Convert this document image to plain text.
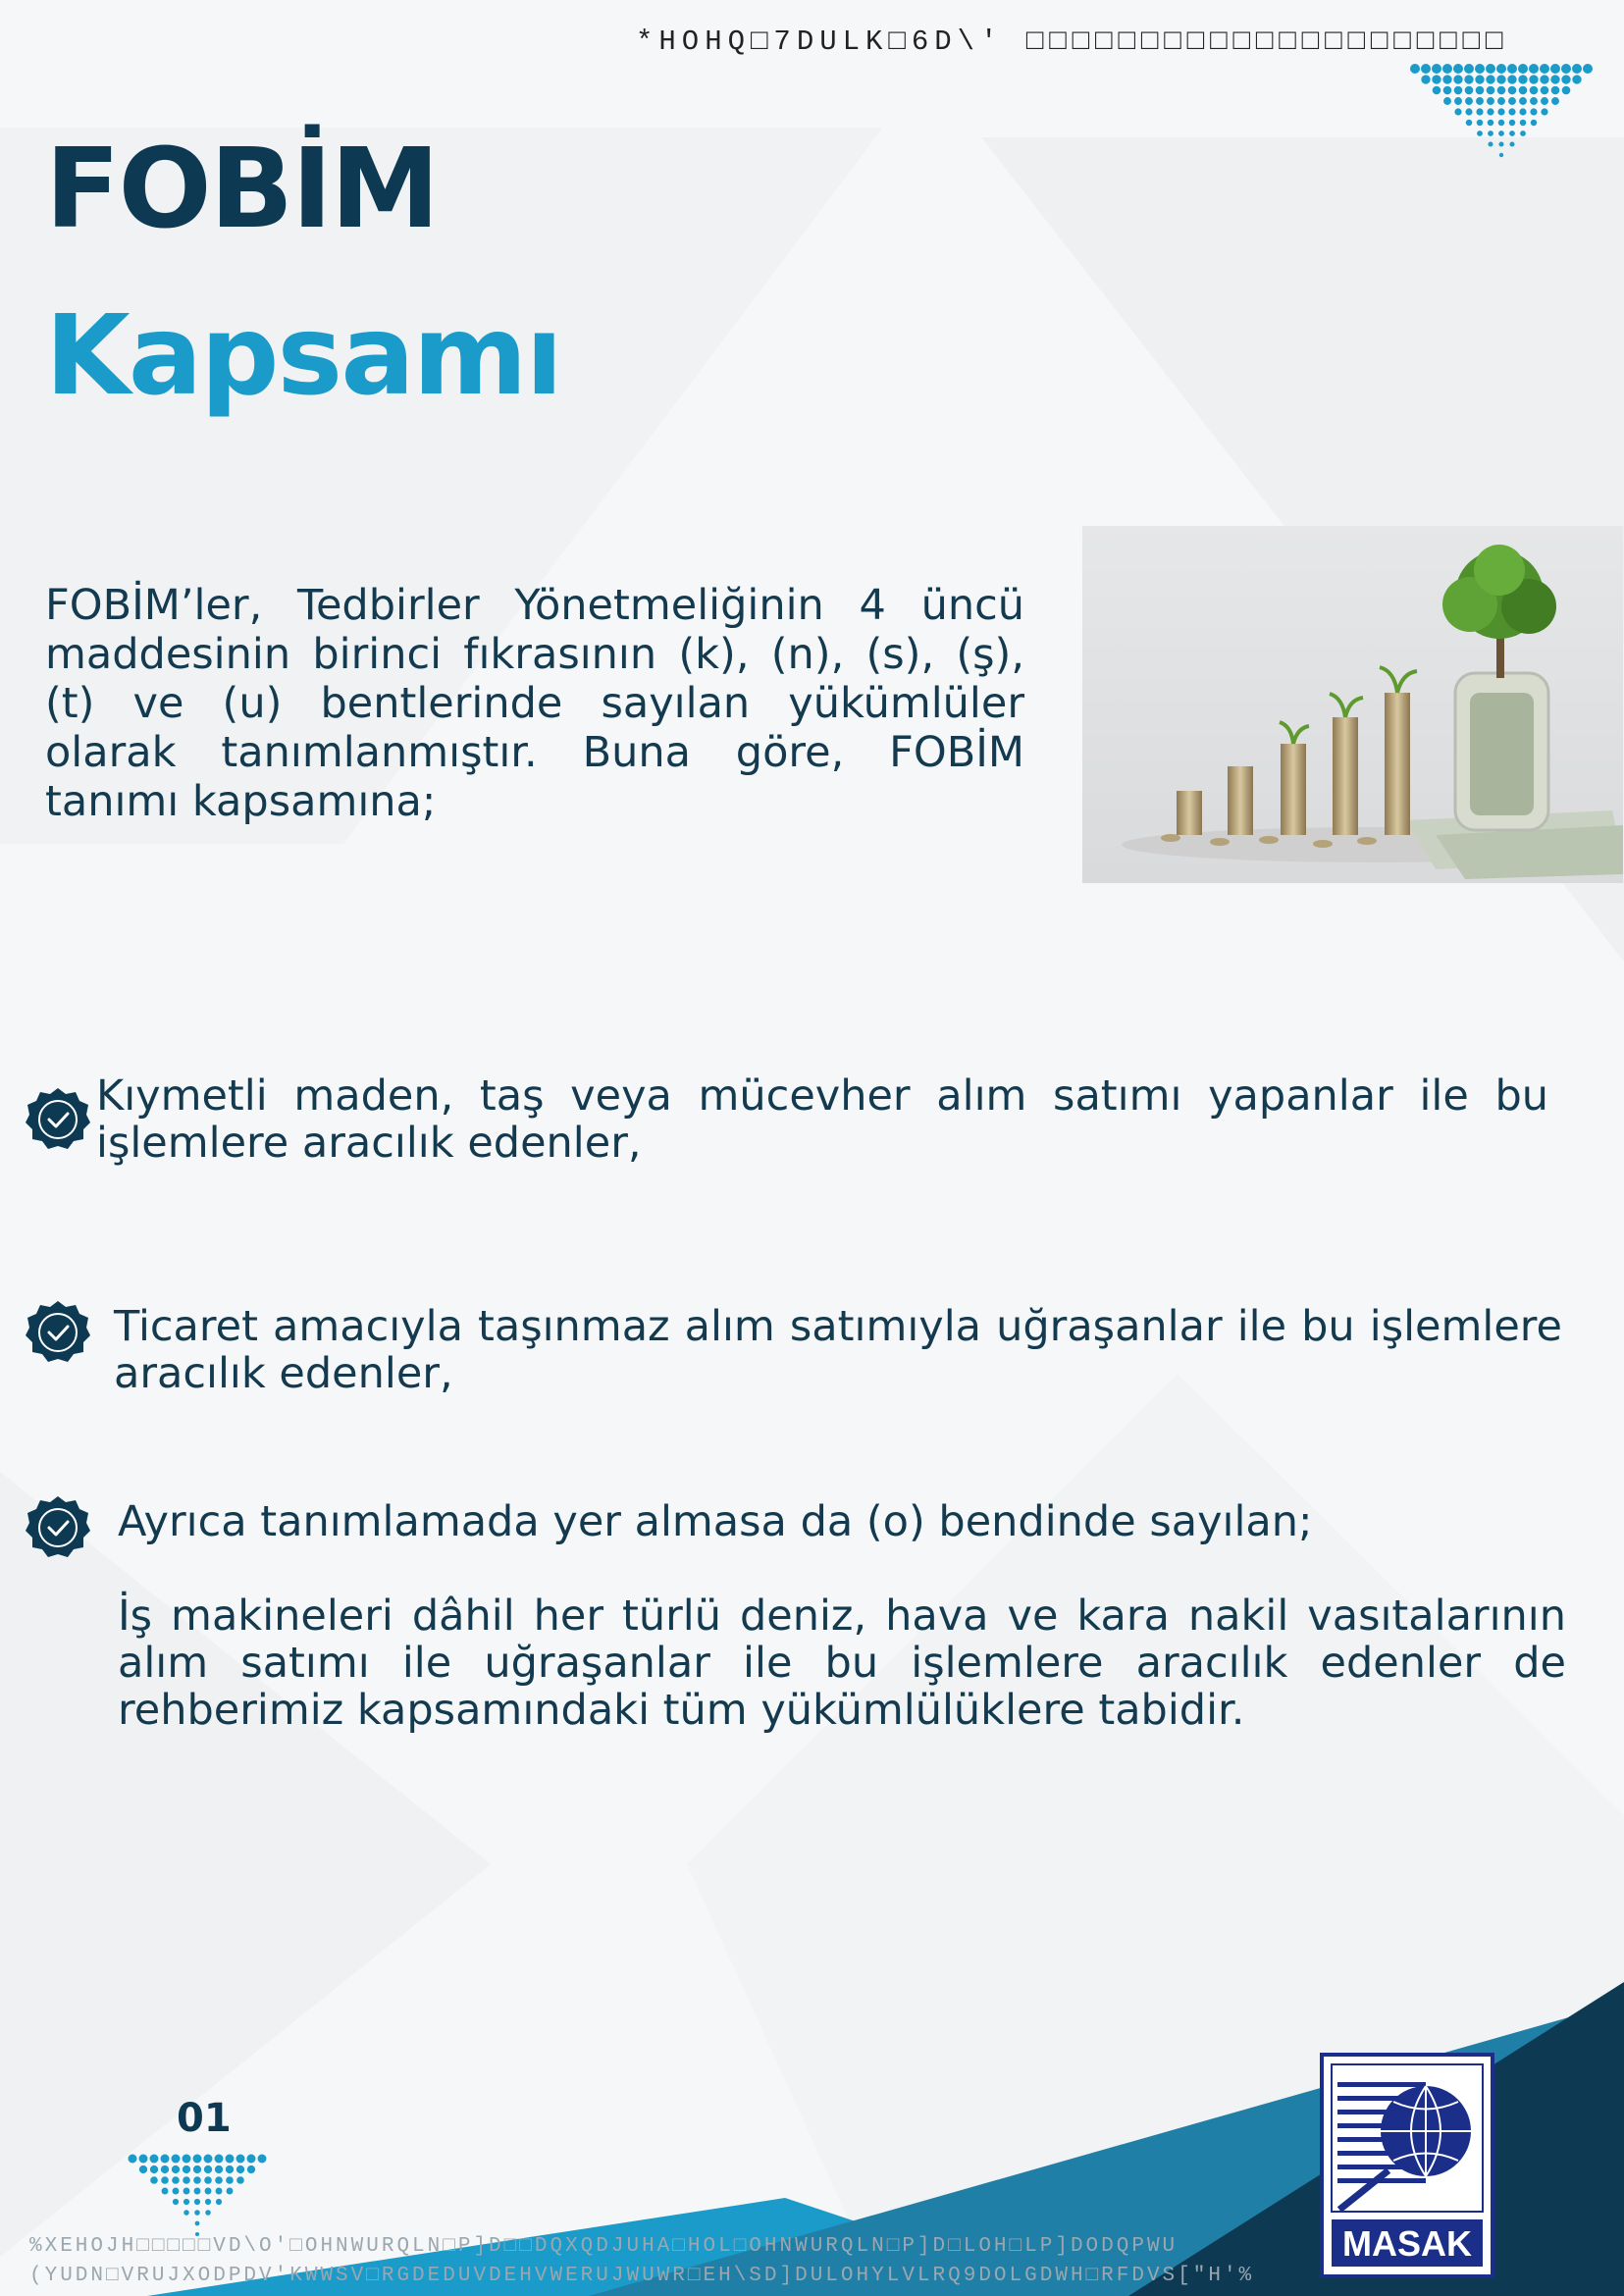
*HOHQ□7DULK□6D\' □□□□□□□□□□□□□□□□□□□□□
FOBİM
Kapsamı

FOBİM’ler, Tedbirler Yönetmeliğinin 4 üncü maddesinin birinci fıkrasının (k), (n), (s), (ş), (t) ve (u) bentlerinde sayılan yükümlüler olarak tanımlanmıştır. Buna göre, FOBİM tanımı kapsamına;

Kıymetli maden, taş veya mücevher alım satımı yapanlar ile bu işlemlere aracılık edenler,

Ticaret amacıyla taşınmaz alım satımıyla uğraşanlar ile bu işlemlere aracılık edenler,

Ayrıca tanımlamada yer almasa da (o) bendinde sayılan;

İş makineleri dâhil her türlü deniz, hava ve kara nakil vasıtalarının alım satımı ile uğraşanlar ile bu işlemlere aracılık edenler de rehberimiz kapsamındaki tüm yükümlülüklere tabidir.

01
%XEHOJH□□□□□VD\O'□OHNWURQLN□P]D□□DQXQDJUHA□HOL□OHNWURQLN□P]D□LOH□LP]DODQPWU
(YUDN□VRUJXODPDV'KWWSV□RGDEDUVDEHVWERUJWUWR□EH\SD]DULOHYLVLRQ9DOLGDWH□RFDVS["H'%
MASAK
